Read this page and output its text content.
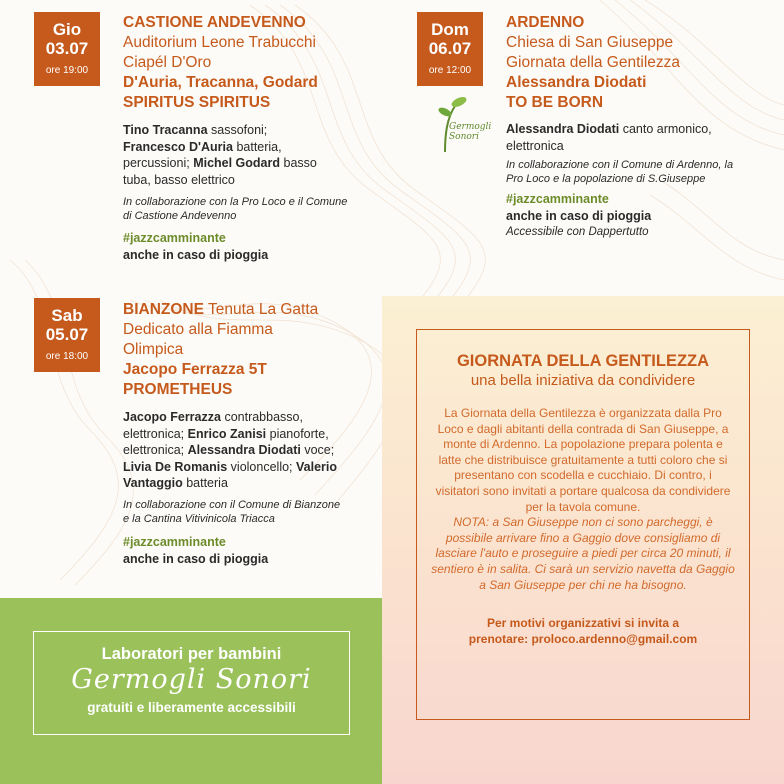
Gio
03.07
ore 19:00
CASTIONE ANDEVENNO
Auditorium Leone Trabucchi
Ciapél D'Oro
D'Auria, Tracanna, Godard
SPIRITUS SPIRITUS
Tino Tracanna sassofoni;
Francesco D'Auria batteria, percussioni; Michel Godard basso tuba, basso elettrico
In collaborazione con la Pro Loco e il Comune di Castione Andevenno
#jazzcamminante
anche in caso di pioggia
Dom
06.07
ore 12:00
Germogli
Sonori
ARDENNO
Chiesa di San Giuseppe
Giornata della Gentilezza
Alessandra Diodati
TO BE BORN
Alessandra Diodati canto armonico, elettronica
In collaborazione con il Comune di Ardenno, la Pro Loco e la popolazione di S.Giuseppe
#jazzcamminante
anche in caso di pioggia
Accessibile con Dappertutto
Sab
05.07
ore 18:00
BIANZONE Tenuta La Gatta
Dedicato alla Fiamma
Olimpica
Jacopo Ferrazza 5T
PROMETHEUS
Jacopo Ferrazza contrabbasso, elettronica; Enrico Zanisi pianoforte, elettronica; Alessandra Diodati voce; Livia De Romanis violoncello; Valerio Vantaggio batteria
In collaborazione con il Comune di Bianzone e la Cantina Vitivinicola Triacca
#jazzcamminante
anche in caso di pioggia
GIORNATA DELLA GENTILEZZA
una bella iniziativa da condividere
La Giornata della Gentilezza è organizzata dalla Pro Loco e dagli abitanti della contrada di San Giuseppe, a monte di Ardenno. La popolazione prepara polenta e latte che distribuisce gratuitamente a tutti coloro che si presentano con scodella e cucchiaio. Di contro, i visitatori sono invitati a portare qualcosa da condividere per la tavola comune.
NOTA: a San Giuseppe non ci sono parcheggi, è possibile arrivare fino a Gaggio dove consigliamo di lasciare l'auto e proseguire a piedi per circa 20 minuti, il sentiero è in salita. Ci sarà un servizio navetta da Gaggio a San Giuseppe per chi ne ha bisogno.
Per motivi organizzativi si invita a
prenotare: proloco.ardenno@gmail.com
Laboratori per bambini
Germogli Sonori
gratuiti e liberamente accessibili
